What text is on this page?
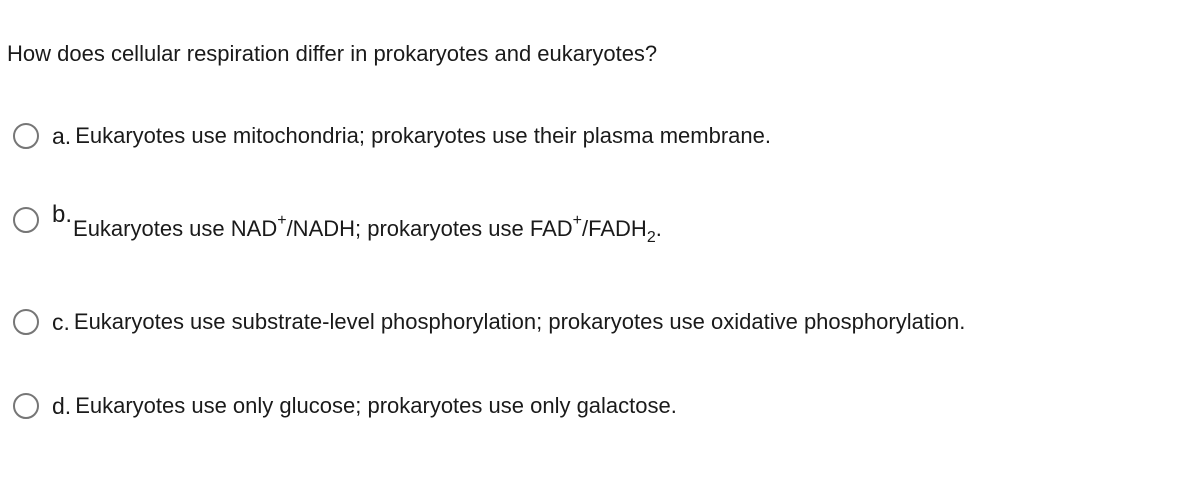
How does cellular respiration differ in prokaryotes and eukaryotes?
a. Eukaryotes use mitochondria; prokaryotes use their plasma membrane.
b.
Eukaryotes use NAD+/NADH; prokaryotes use $FAD^+/FADH_2$.
c. Eukaryotes use substrate-level phosphorylation; prokaryotes use oxidative phosphorylation.
d. Eukaryotes use only glucose; prokaryotes use only galactose.
